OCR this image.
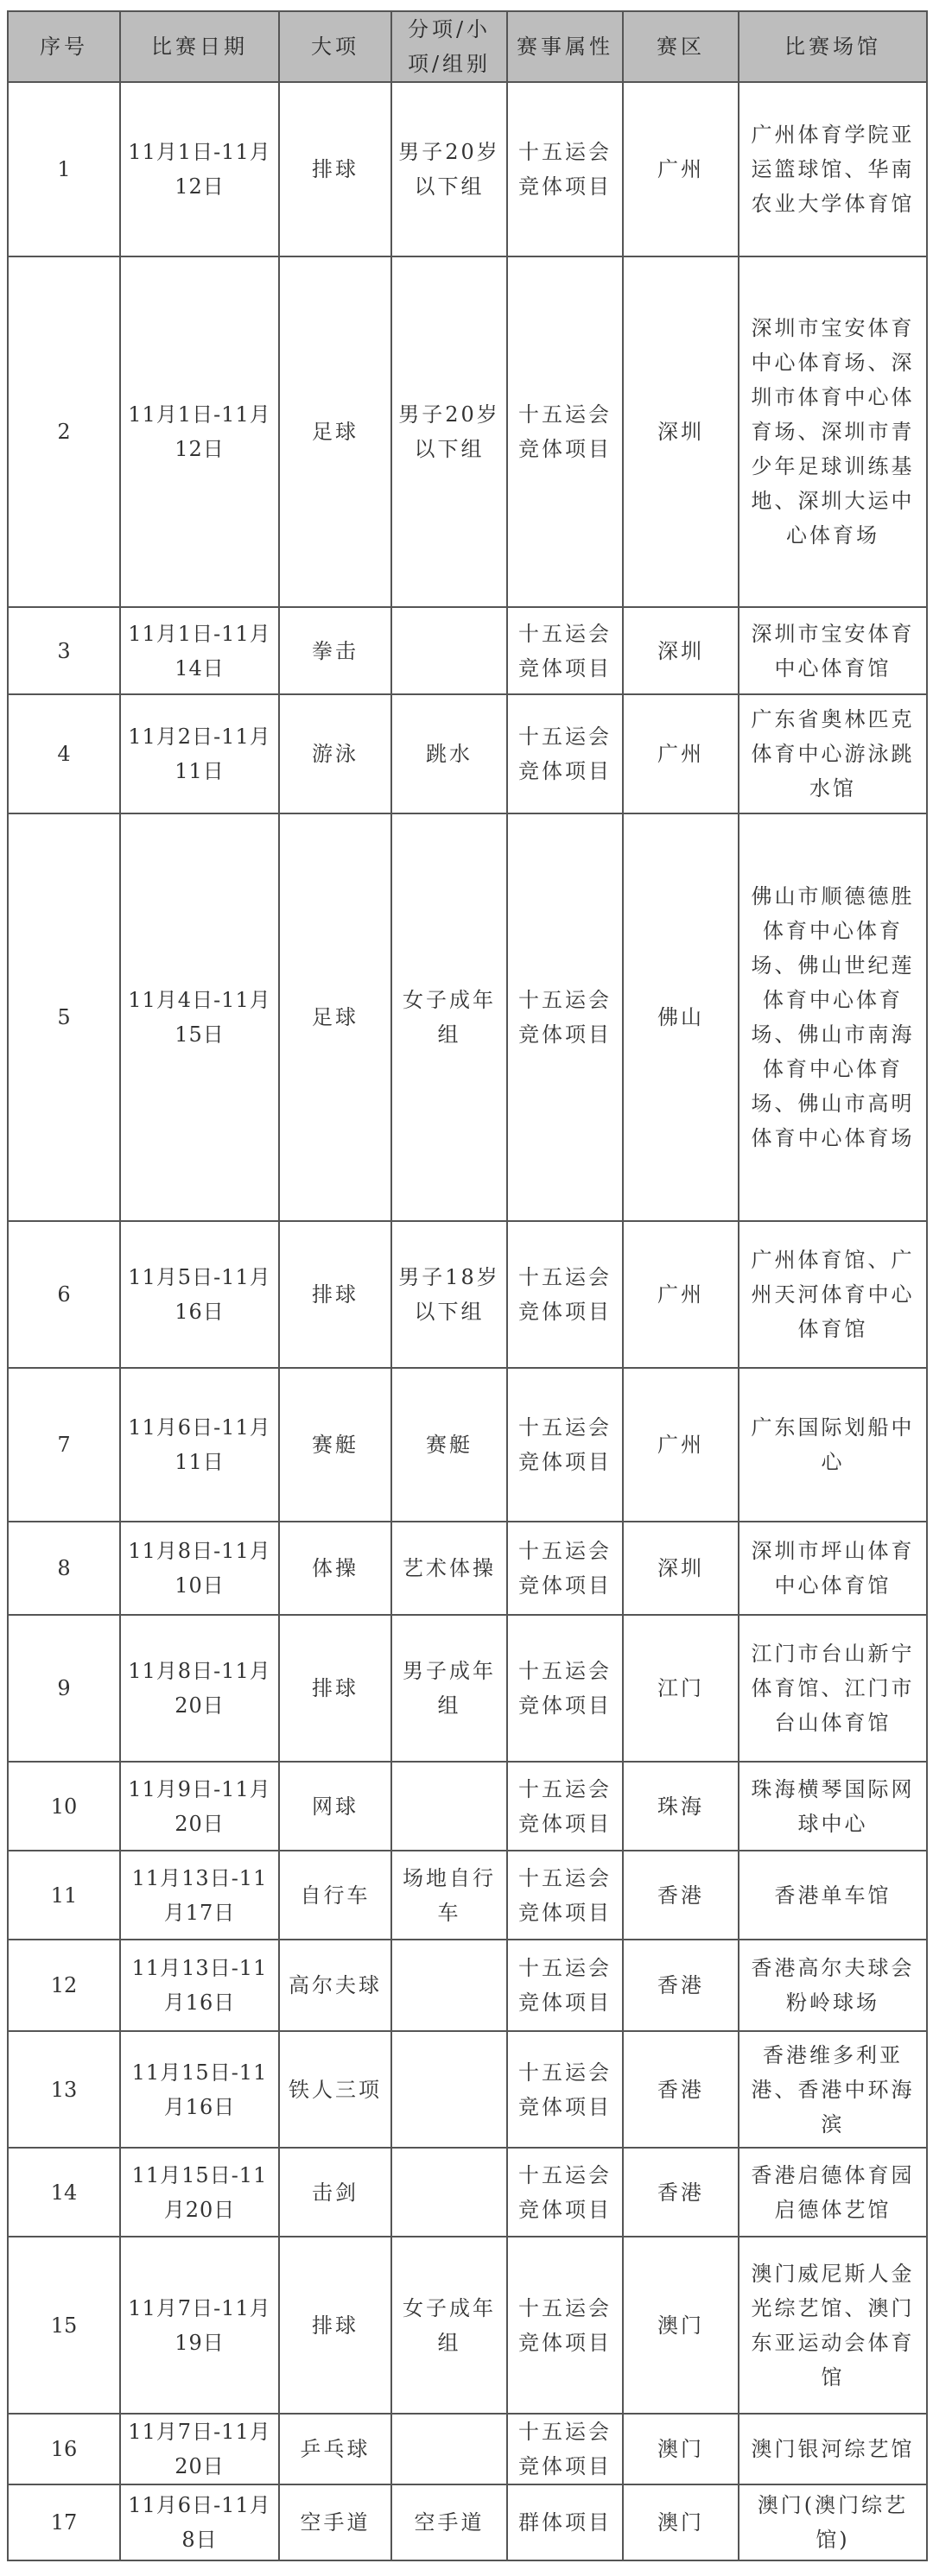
序号	比赛日期	大项	分项/小项/组别	赛事属性	赛区	比赛场馆
1	11月1日-11月12日	排球	男子20岁以下组	十五运会竞体项目	广州	广州体育学院亚运篮球馆、华南农业大学体育馆
2	11月1日-11月12日	足球	男子20岁以下组	十五运会竞体项目	深圳	深圳市宝安体育中心体育场、深圳市体育中心体育场、深圳市青少年足球训练基地、深圳大运中心体育场
3	11月1日-11月14日	拳击		十五运会竞体项目	深圳	深圳市宝安体育中心体育馆
4	11月2日-11月11日	游泳	跳水	十五运会竞体项目	广州	广东省奥林匹克体育中心游泳跳水馆
5	11月4日-11月15日	足球	女子成年组	十五运会竞体项目	佛山	佛山市顺德德胜体育中心体育场、佛山世纪莲体育中心体育场、佛山市南海体育中心体育场、佛山市高明体育中心体育场
6	11月5日-11月16日	排球	男子18岁以下组	十五运会竞体项目	广州	广州体育馆、广州天河体育中心体育馆
7	11月6日-11月11日	赛艇	赛艇	十五运会竞体项目	广州	广东国际划船中心
8	11月8日-11月10日	体操	艺术体操	十五运会竞体项目	深圳	深圳市坪山体育中心体育馆
9	11月8日-11月20日	排球	男子成年组	十五运会竞体项目	江门	江门市台山新宁体育馆、江门市台山体育馆
10	11月9日-11月20日	网球		十五运会竞体项目	珠海	珠海横琴国际网球中心
11	11月13日-11月17日	自行车	场地自行车	十五运会竞体项目	香港	香港单车馆
12	11月13日-11月16日	高尔夫球		十五运会竞体项目	香港	香港高尔夫球会粉岭球场
13	11月15日-11月16日	铁人三项		十五运会竞体项目	香港	香港维多利亚港、香港中环海滨
14	11月15日-11月20日	击剑		十五运会竞体项目	香港	香港启德体育园启德体艺馆
15	11月7日-11月19日	排球	女子成年组	十五运会竞体项目	澳门	澳门威尼斯人金光综艺馆、澳门东亚运动会体育馆
16	11月7日-11月20日	乒乓球		十五运会竞体项目	澳门	澳门银河综艺馆
17	11月6日-11月8日	空手道	空手道	群体项目	澳门	澳门(澳门综艺馆)
